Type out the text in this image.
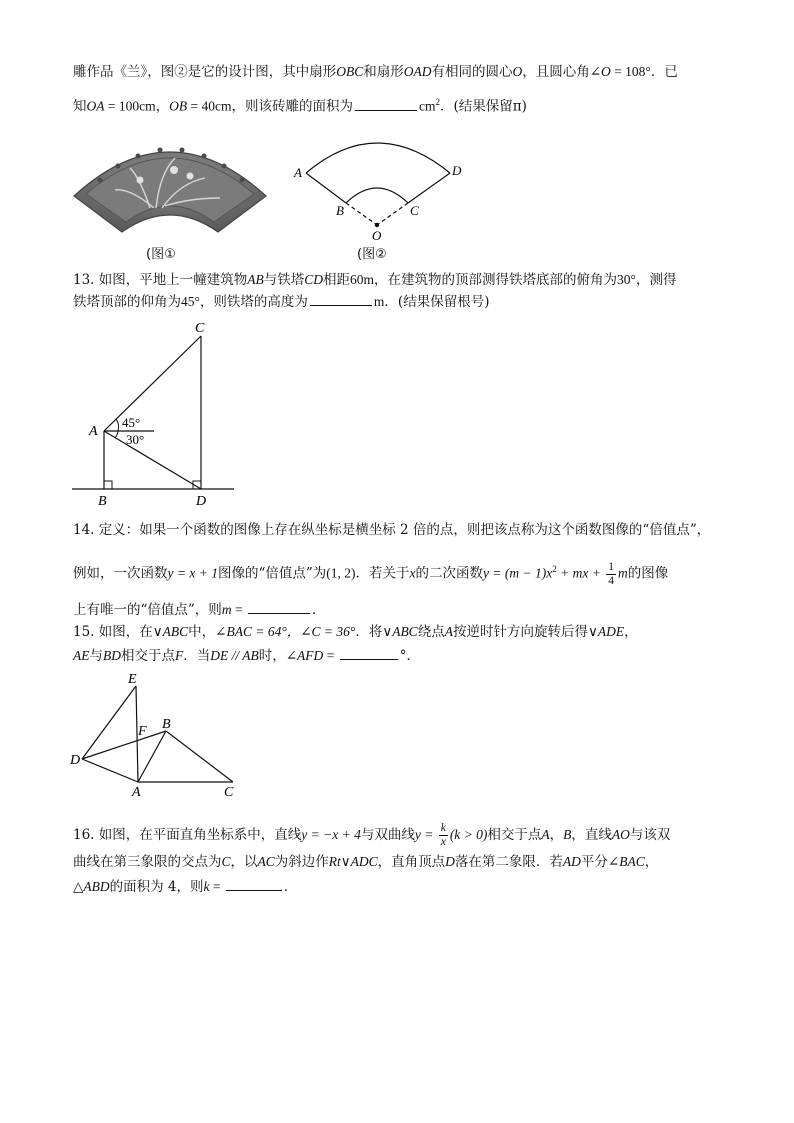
雕作品《兰》，图②是它的设计图，其中扇形OBC和扇形OAD有相同的圆心O，且圆心角∠O = 108°．已
知OA = 100cm，OB = 40cm，则该砖雕的面积为	$cm^2$．(结果保留π)
(图①
A	D
B	C
O
(图②
13. 如图，平地上一幢建筑物AB与铁塔CD相距60m，在建筑物的顶部测得铁塔底部的俯角为30°，测得
铁塔顶部的仰角为45°，则铁塔的高度为	m．(结果保留根号)
45°
30°
A
B
C
D
14. 定义：如果一个函数的图像上存在纵坐标是横坐标 2 倍的点，则把该点称为这个函数图像的“倍值点”，
例如，一次函数y = x + 1图像的“倍值点”为(1, 2)．若关于x的二次函数$y = (m - 1)x^2$ + mx + $\frac{1}{4}$ m的图像
上有唯一的“倍值点”，则m =	．
15. 如图，在∨ABC中，∠BAC = 64°，∠C = 36°．将∨ABC绕点A按逆时针方向旋转后得∨ADE，
AE与BD相交于点F．当DE // AB时，∠AFD =	°．
E
F B
D
A	C
16. 如图，在平面直角坐标系中，直线y = −x + 4与双曲线$y = \frac{k}{x} (k > 0)$相交于点A，B，直线AO与该双
曲线在第三象限的交点为C，以AC为斜边作Rt∨ADC，直角顶点D落在第二象限．若AD平分∠BAC，
△ABD的面积为 4，则k =	．
